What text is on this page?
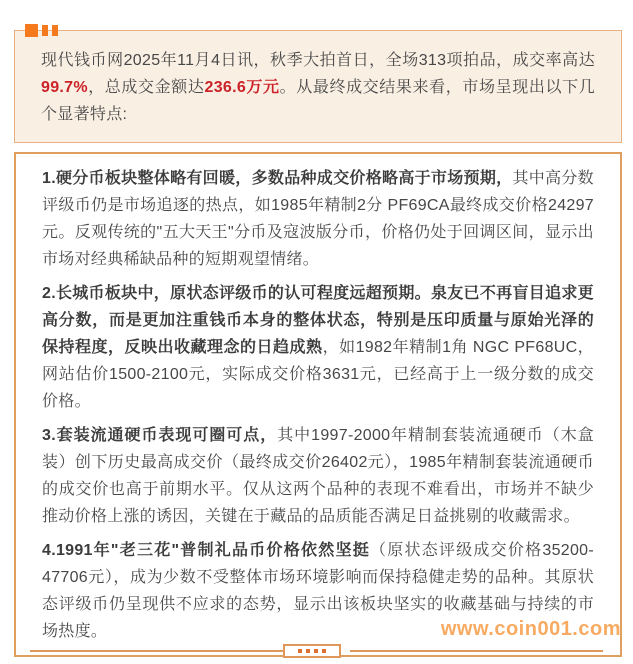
现代钱币网2025年11月4日讯，秋季大拍首日，全场313项拍品，成交率高达99.7%，总成交金额达236.6万元。从最终成交结果来看，市场呈现出以下几个显著特点:

1.硬分币板块整体略有回暖，多数品种成交价格略高于市场预期，其中高分数评级币仍是市场追逐的热点，如1985年精制2分 PF69CA最终成交价格24297元。反观传统的"五大天王"分币及寇波版分币，价格仍处于回调区间，显示出市场对经典稀缺品种的短期观望情绪。

2.长城币板块中，原状态评级币的认可程度远超预期。泉友已不再盲目追求更高分数，而是更加注重钱币本身的整体状态，特别是压印质量与原始光泽的保持程度，反映出收藏理念的日趋成熟，如1982年精制1角 NGC PF68UC，网站估价1500-2100元，实际成交价格3631元，已经高于上一级分数的成交价格。

3.套装流通硬币表现可圈可点，其中1997-2000年精制套装流通硬币（木盒装）创下历史最高成交价（最终成交价26402元），1985年精制套装流通硬币的成交价也高于前期水平。仅从这两个品种的表现不难看出，市场并不缺少推动价格上涨的诱因，关键在于藏品的品质能否满足日益挑剔的收藏需求。

4.1991年"老三花"普制礼品币价格依然坚挺（原状态评级成交价格35200-47706元），成为少数不受整体市场环境影响而保持稳健走势的品种。其原状态评级币仍呈现供不应求的态势，显示出该板块坚实的收藏基础与持续的市场热度。	www.coin001.com
